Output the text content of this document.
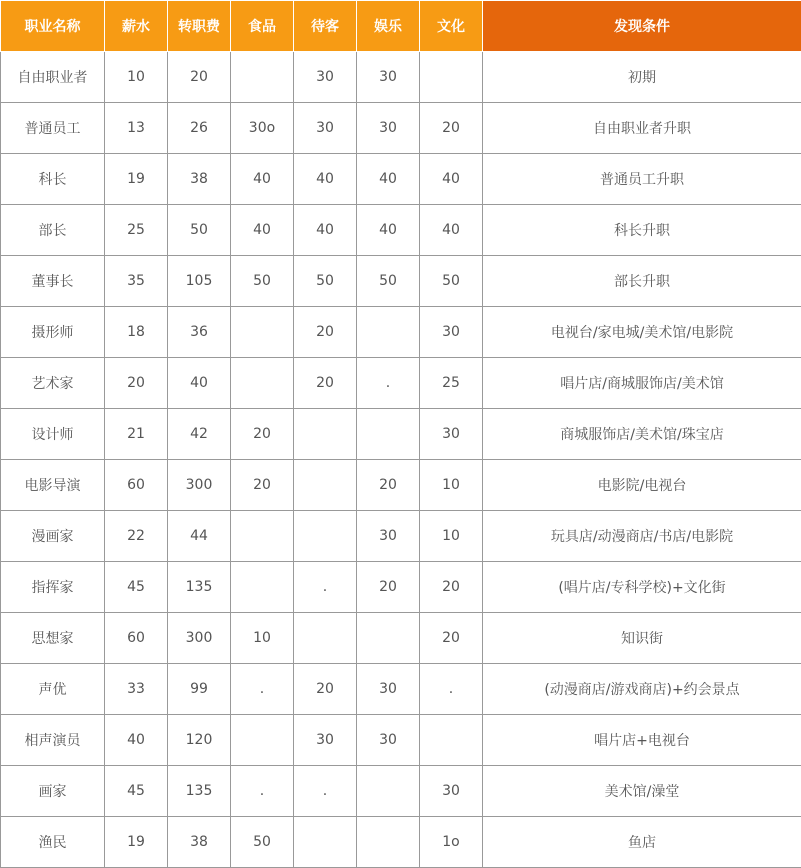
职业名称	薪水	转职费	食品	待客	娱乐	文化	发现条件
自由职业者	10	20		30	30		初期
普通员工	13	26	30o	30	30	20	自由职业者升职
科长	19	38	40	40	40	40	普通员工升职
部长	25	50	40	40	40	40	科长升职
董事长	35	105	50	50	50	50	部长升职
摄形师	18	36		20		30	电视台/家电城/美术馆/电影院
艺术家	20	40		20	.	25	唱片店/商城服饰店/美术馆
设计师	21	42	20			30	商城服饰店/美术馆/珠宝店
电影导演	60	300	20		20	10	电影院/电视台
漫画家	22	44			30	10	玩具店/动漫商店/书店/电影院
指挥家	45	135		.	20	20	(唱片店/专科学校)+文化街
思想家	60	300	10			20	知识街
声优	33	99	.	20	30	.	(动漫商店/游戏商店)+约会景点
相声演员	40	120		30	30		唱片店+电视台
画家	45	135	.	.		30	美术馆/澡堂
渔民	19	38	50			1o	鱼店
